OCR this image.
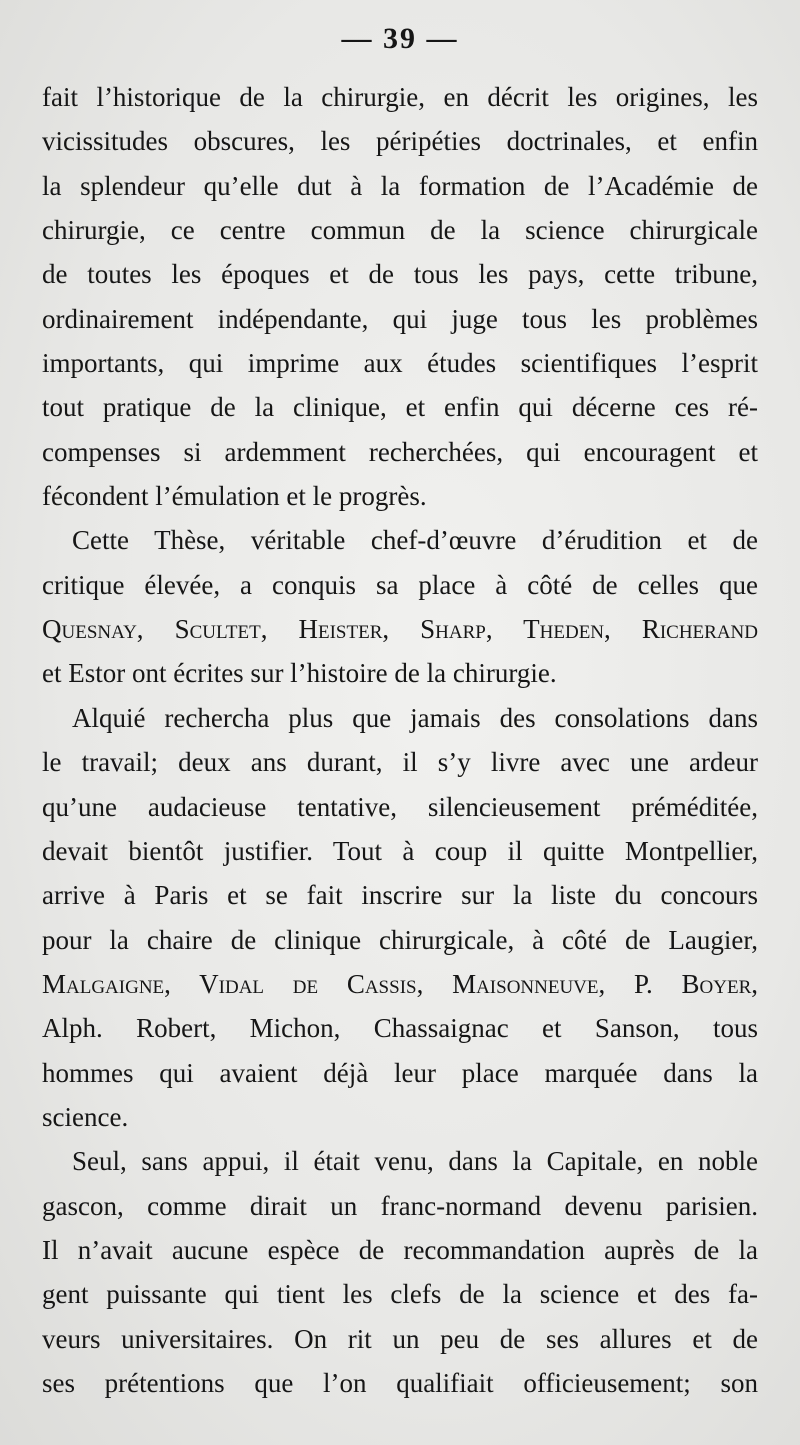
— 39 —
fait l’historique de la chirurgie, en décrit les origines, les
vicissitudes obscures, les péripéties doctrinales, et enfin
la splendeur qu’elle dut à la formation de l’Académie de
chirurgie, ce centre commun de la science chirurgicale
de toutes les époques et de tous les pays, cette tribune,
ordinairement indépendante, qui juge tous les problèmes
importants, qui imprime aux études scientifiques l’esprit
tout pratique de la clinique, et enfin qui décerne ces ré-
compenses si ardemment recherchées, qui encouragent et
fécondent l’émulation et le progrès.
Cette Thèse, véritable chef-d’œuvre d’érudition et de
critique élevée, a conquis sa place à côté de celles que
Quesnay, Scultet, Heister, Sharp, Theden, Richerand
et Estor ont écrites sur l’histoire de la chirurgie.
Alquié rechercha plus que jamais des consolations dans
le travail; deux ans durant, il s’y livre avec une ardeur
qu’une audacieuse tentative, silencieusement préméditée,
devait bientôt justifier. Tout à coup il quitte Montpellier,
arrive à Paris et se fait inscrire sur la liste du concours
pour la chaire de clinique chirurgicale, à côté de Laugier,
Malgaigne, Vidal de Cassis, Maisonneuve, P. Boyer,
Alph. Robert, Michon, Chassaignac et Sanson, tous
hommes qui avaient déjà leur place marquée dans la
science.
Seul, sans appui, il était venu, dans la Capitale, en noble
gascon, comme dirait un franc-normand devenu parisien.
Il n’avait aucune espèce de recommandation auprès de la
gent puissante qui tient les clefs de la science et des fa-
veurs universitaires. On rit un peu de ses allures et de
ses prétentions que l’on qualifiait officieusement; son
